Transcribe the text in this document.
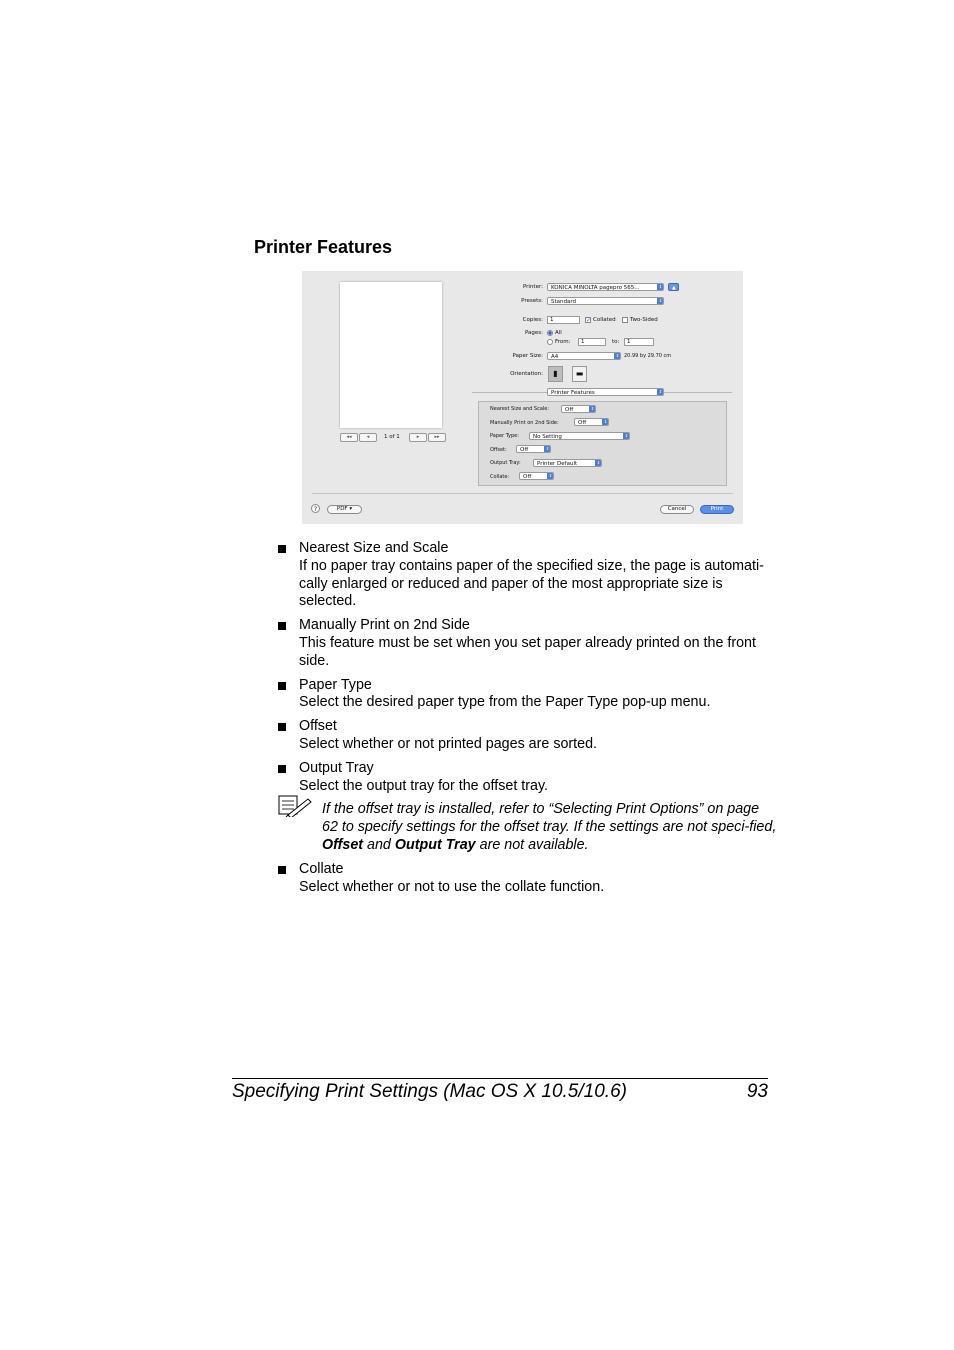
Printer Features
◂◂	◂	1 of 1	▸	▸▸
Printer:	KONICA MINOLTA pagepro 565...	⇕	▲
Presets:	Standard	⇕
Copies:	1	✓ Collated	Two-Sided
Pages: All
From:	1	to:	1
Paper Size:	A4	⇕ 20.99 by 29.70 cm
Orientation:	▮	▬
Printer Features	⇕
Nearest Size and Scale:	Off	⇕
Manually Print on 2nd Side:	Off	⇕
Paper Type:	No Setting	⇕
Offset:	Off	⇕
Output Tray:	Printer Default	⇕
Collate:	Off	⇕
?	PDF ▾	Cancel	Print

Nearest Size and Scale

If no paper tray contains paper of the specified size, the page is automati-cally enlarged or reduced and paper of the most appropriate size is selected.

Manually Print on 2nd Side

This feature must be set when you set paper already printed on the front side.

Paper Type

Select the desired paper type from the Paper Type pop-up menu.

Offset

Select whether or not printed pages are sorted.

Output Tray

Select the output tray for the offset tray.

If the offset tray is installed, refer to “Selecting Print Options” on page 62 to specify settings for the offset tray. If the settings are not speci-fied, Offset and Output Tray are not available.

Collate

Select whether or not to use the collate function.

Specifying Print Settings (Mac OS X 10.5/10.6)	93
